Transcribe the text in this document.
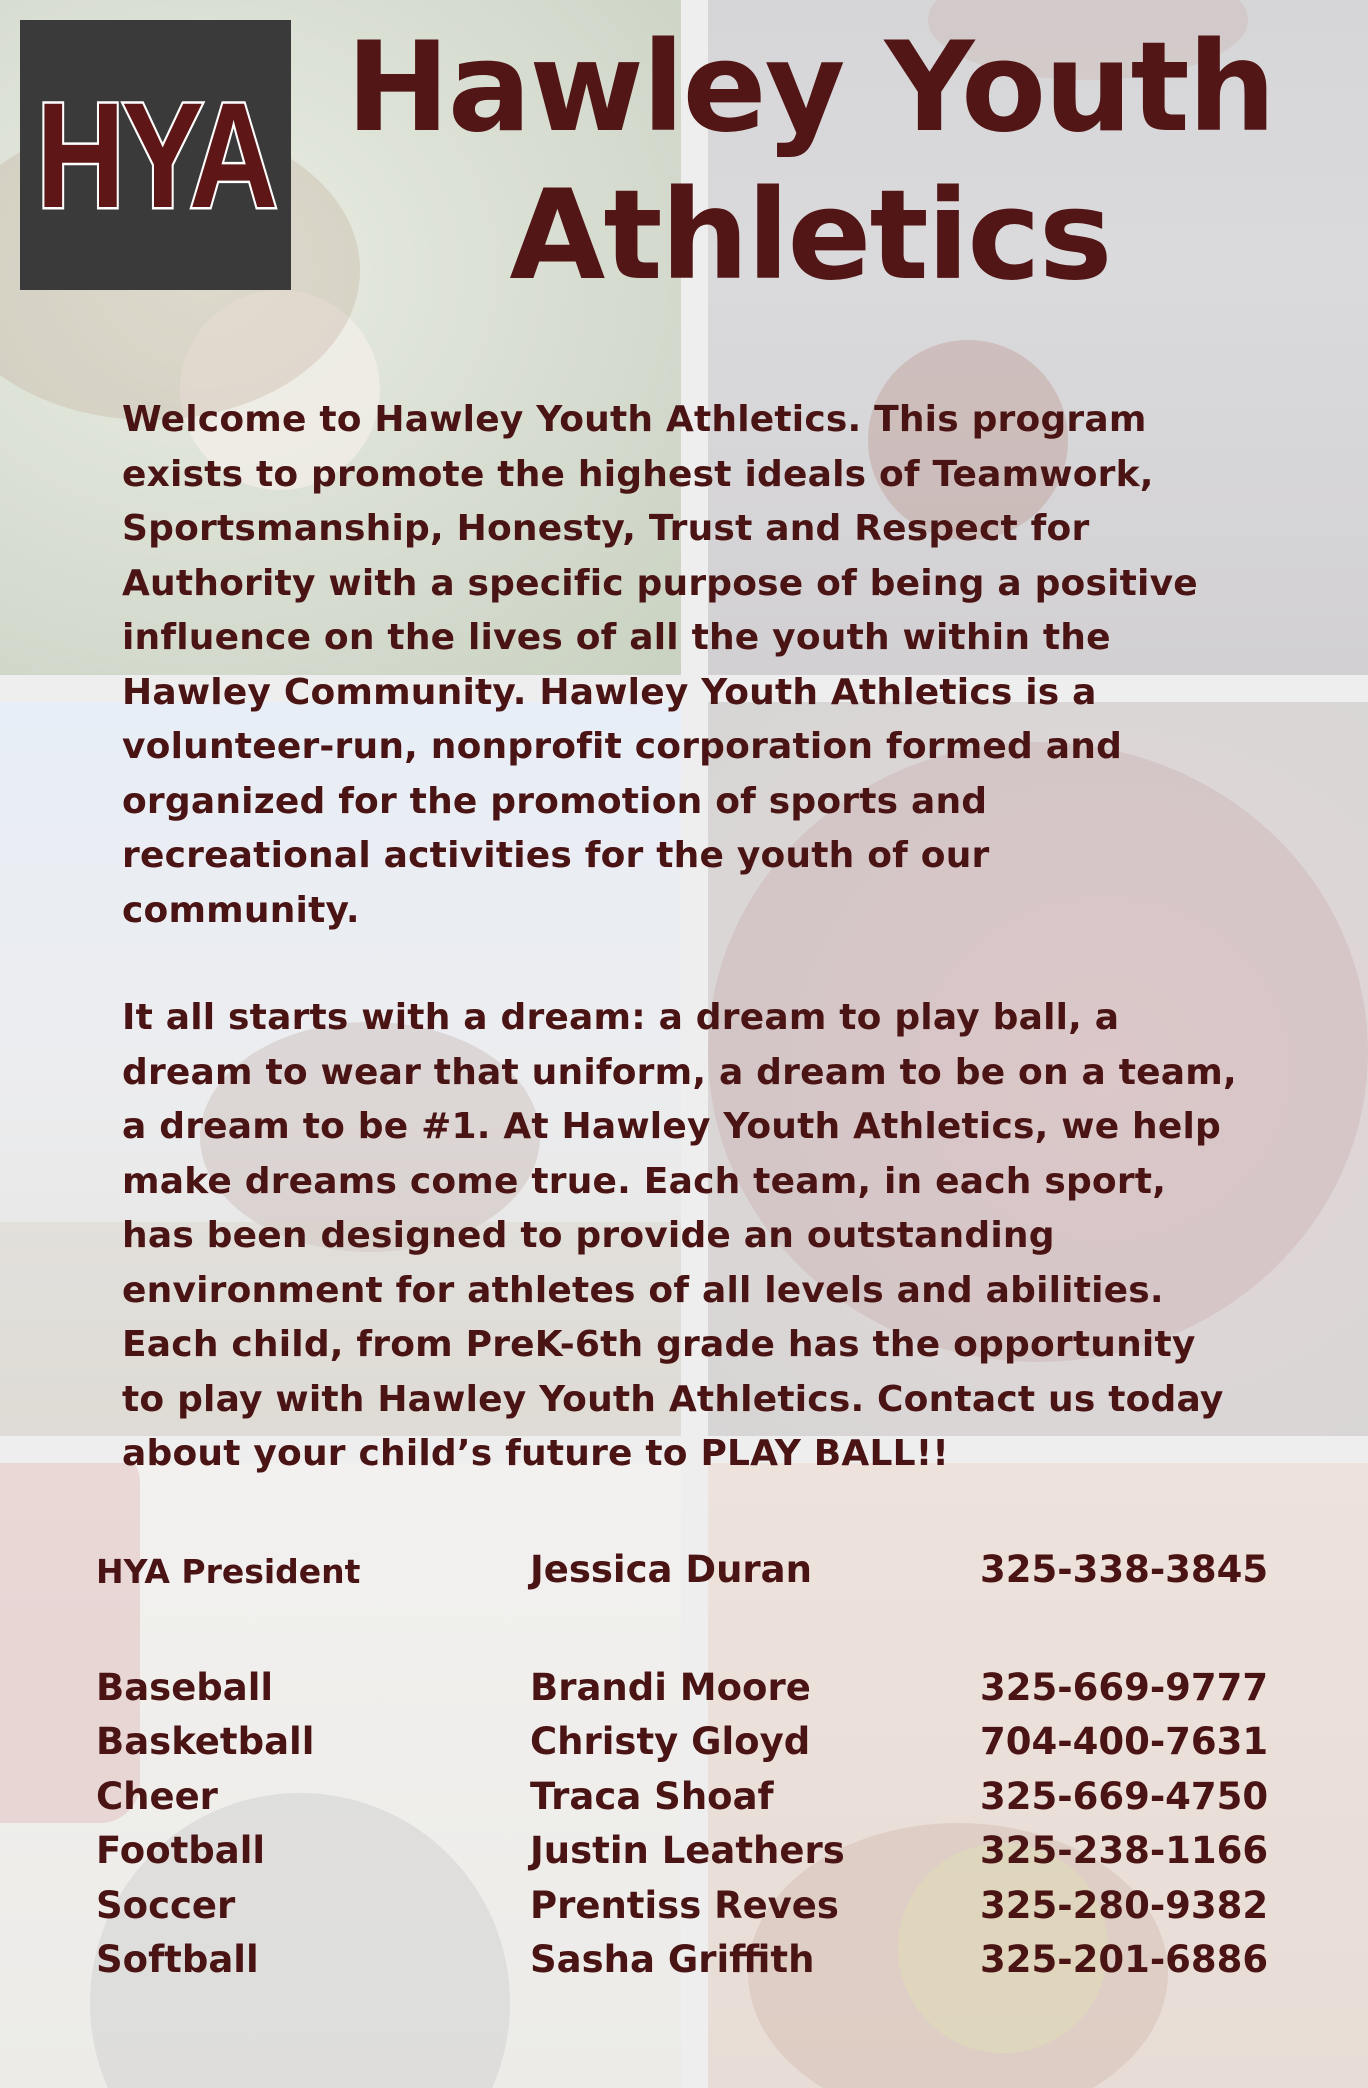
HYA Hawley Youth
Athletics
Welcome to Hawley Youth Athletics. This program
exists to promote the highest ideals of Teamwork,
Sportsmanship, Honesty, Trust and Respect for
Authority with a specific purpose of being a positive
influence on the lives of all the youth within the
Hawley Community. Hawley Youth Athletics is a
volunteer-run, nonprofit corporation formed and
organized for the promotion of sports and
recreational activities for the youth of our
community.
It all starts with a dream: a dream to play ball, a
dream to wear that uniform, a dream to be on a team,
a dream to be #1. At Hawley Youth Athletics, we help
make dreams come true. Each team, in each sport,
has been designed to provide an outstanding
environment for athletes of all levels and abilities.
Each child, from PreK-6th grade has the opportunity
to play with Hawley Youth Athletics. Contact us today
about your child’s future to PLAY BALL!!
HYA President	Jessica Duran	325-338-3845
Baseball	Brandi Moore	325-669-9777
Basketball	Christy Gloyd	704-400-7631
Cheer	Traca Shoaf	325-669-4750
Football	Justin Leathers	325-238-1166
Soccer	Prentiss Reves	325-280-9382
Softball	Sasha Griffith	325-201-6886
